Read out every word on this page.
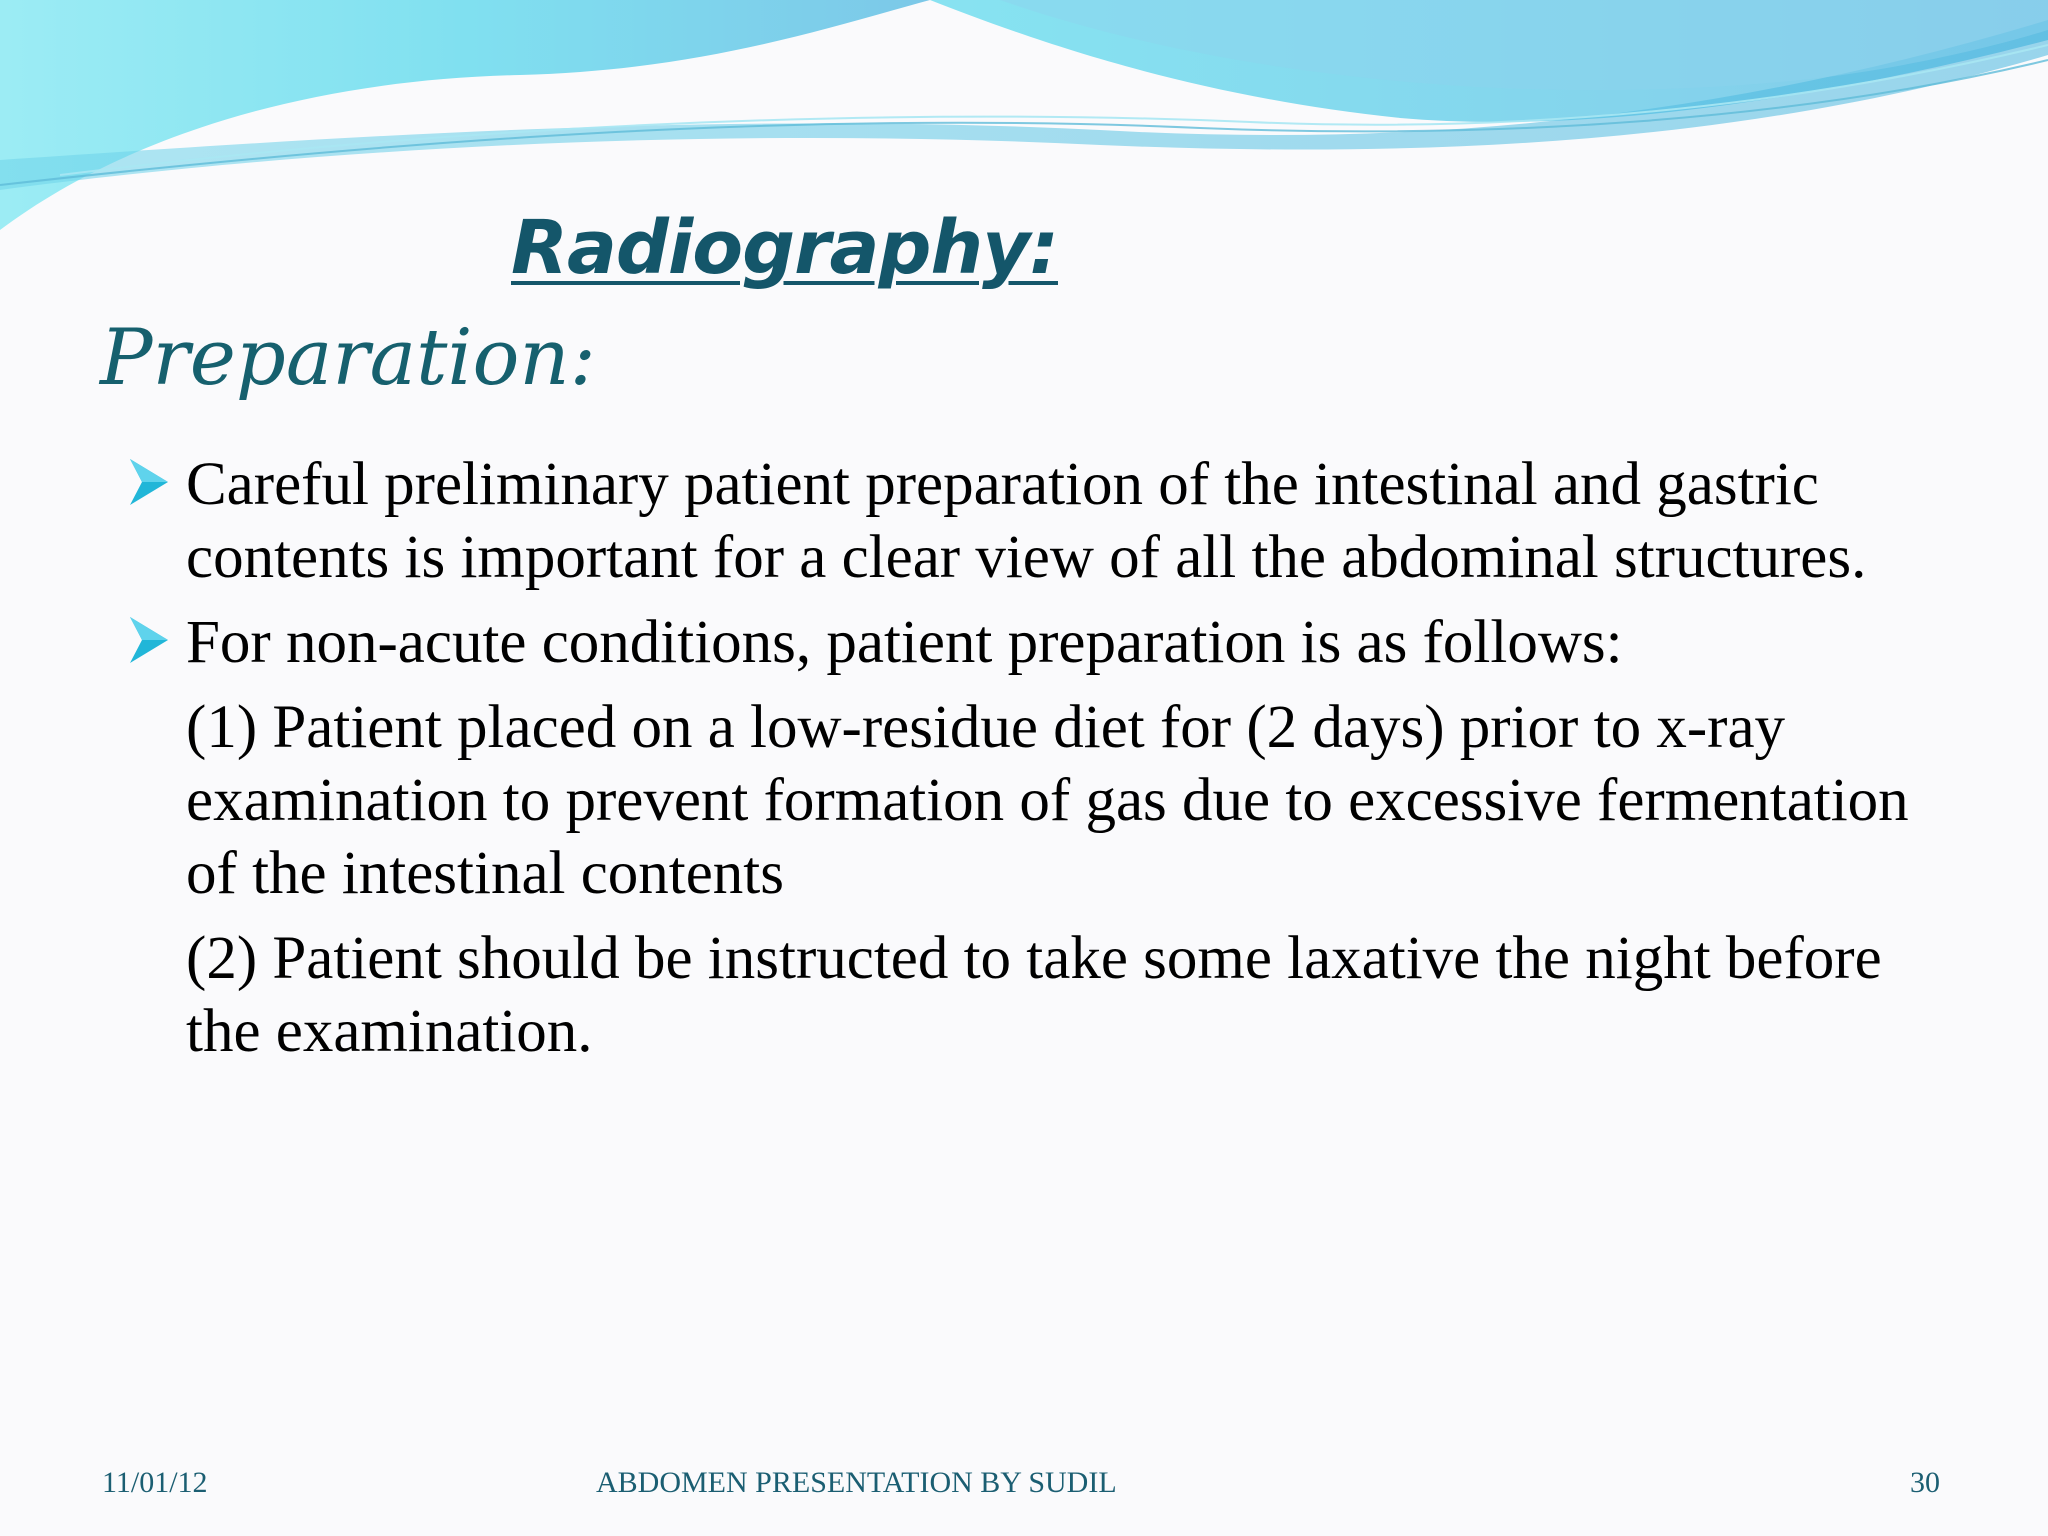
Radiography:
Preparation:

Careful preliminary patient preparation of the intestinal and gastric contents is important for a clear view of all the abdominal structures.

For non-acute conditions, patient preparation is as follows:

(1) Patient placed on a low-residue diet for (2 days) prior to x-ray examination to prevent formation of gas due to excessive fermentation of the intestinal contents

(2) Patient should be instructed to take some laxative the night before the examination.

11/01/12	ABDOMEN PRESENTATION BY SUDIL	30
